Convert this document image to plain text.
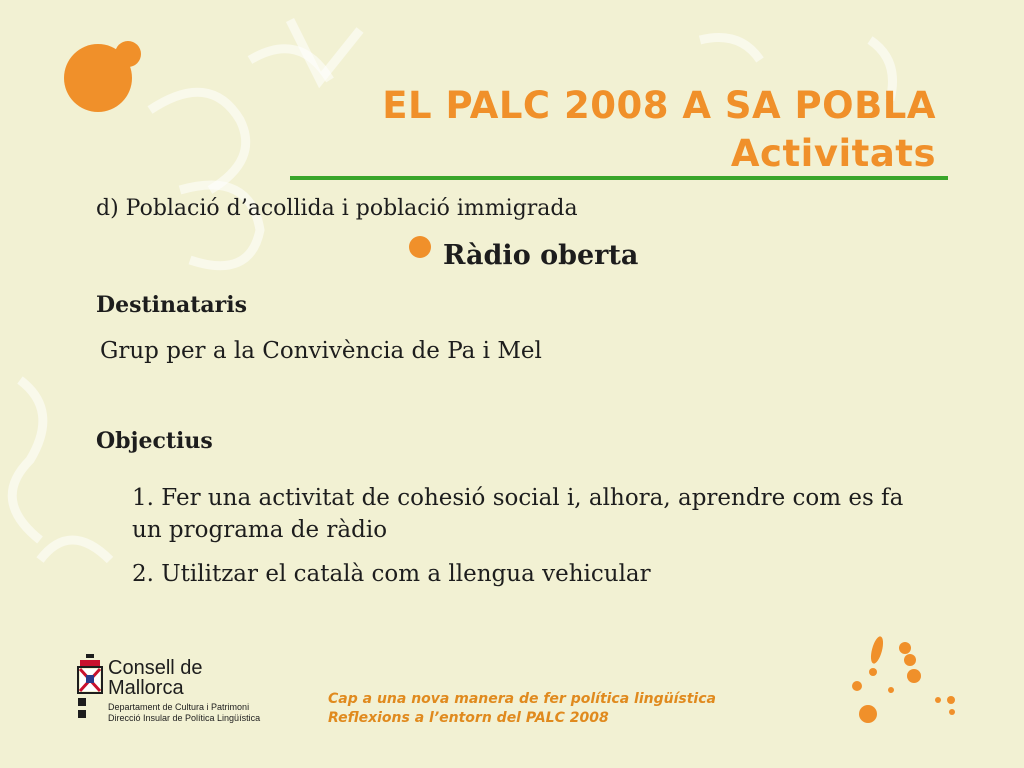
EL PALC 2008 A SA POBLA
Activitats
d) Població d’acollida i població immigrada
Ràdio oberta
Destinataris
Grup per a la Convivència de Pa i Mel
Objectius
1. Fer una activitat de cohesió social i, alhora, aprendre com es fa un programa de ràdio
2. Utilitzar el català com a llengua vehicular
Consell de
Mallorca
Departament de Cultura i Patrimoni
Direcció Insular de Política Lingüística
Cap a una nova manera de fer política lingüística
Reflexions a l’entorn del PALC 2008
